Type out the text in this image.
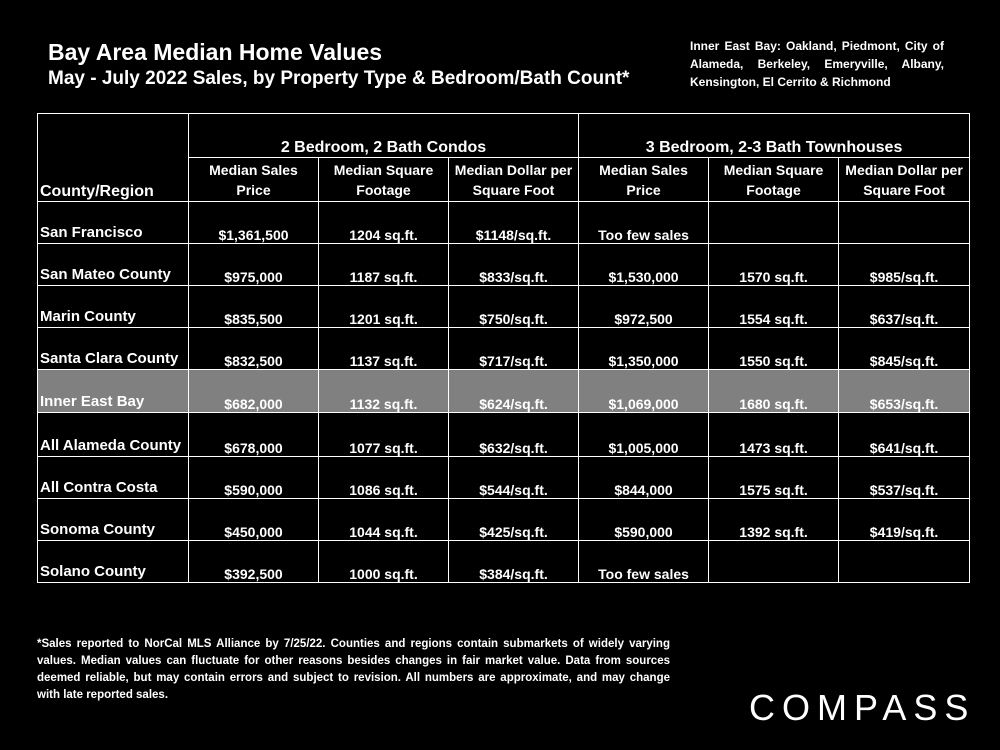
Bay Area Median Home Values
May - July 2022 Sales, by Property Type & Bedroom/Bath Count*
Inner East Bay: Oakland, Piedmont, City of Alameda, Berkeley, Emeryville, Albany, Kensington, El Cerrito & Richmond
County/Region	2 Bedroom, 2 Bath Condos			3 Bedroom, 2-3 Bath Townhouses		
	Median Sales Price	Median Square Footage	Median Dollar per Square Foot	Median Sales Price	Median Square Footage	Median Dollar per Square Foot
San Francisco	$1,361,500	1204 sq.ft.	$1148/sq.ft.	Too few sales		
San Mateo County	$975,000	1187 sq.ft.	$833/sq.ft.	$1,530,000	1570 sq.ft.	$985/sq.ft.
Marin County	$835,500	1201 sq.ft.	$750/sq.ft.	$972,500	1554 sq.ft.	$637/sq.ft.
Santa Clara County	$832,500	1137 sq.ft.	$717/sq.ft.	$1,350,000	1550 sq.ft.	$845/sq.ft.
Inner East Bay	$682,000	1132 sq.ft.	$624/sq.ft.	$1,069,000	1680 sq.ft.	$653/sq.ft.
All Alameda County	$678,000	1077 sq.ft.	$632/sq.ft.	$1,005,000	1473 sq.ft.	$641/sq.ft.
All Contra Costa	$590,000	1086 sq.ft.	$544/sq.ft.	$844,000	1575 sq.ft.	$537/sq.ft.
Sonoma County	$450,000	1044 sq.ft.	$425/sq.ft.	$590,000	1392 sq.ft.	$419/sq.ft.
Solano County	$392,500	1000 sq.ft.	$384/sq.ft.	Too few sales		
*Sales reported to NorCal MLS Alliance by 7/25/22. Counties and regions contain submarkets of widely varying values. Median values can fluctuate for other reasons besides changes in fair market value. Data from sources deemed reliable, but may contain errors and subject to revision. All numbers are approximate, and may change with late reported sales.	COMPASS
